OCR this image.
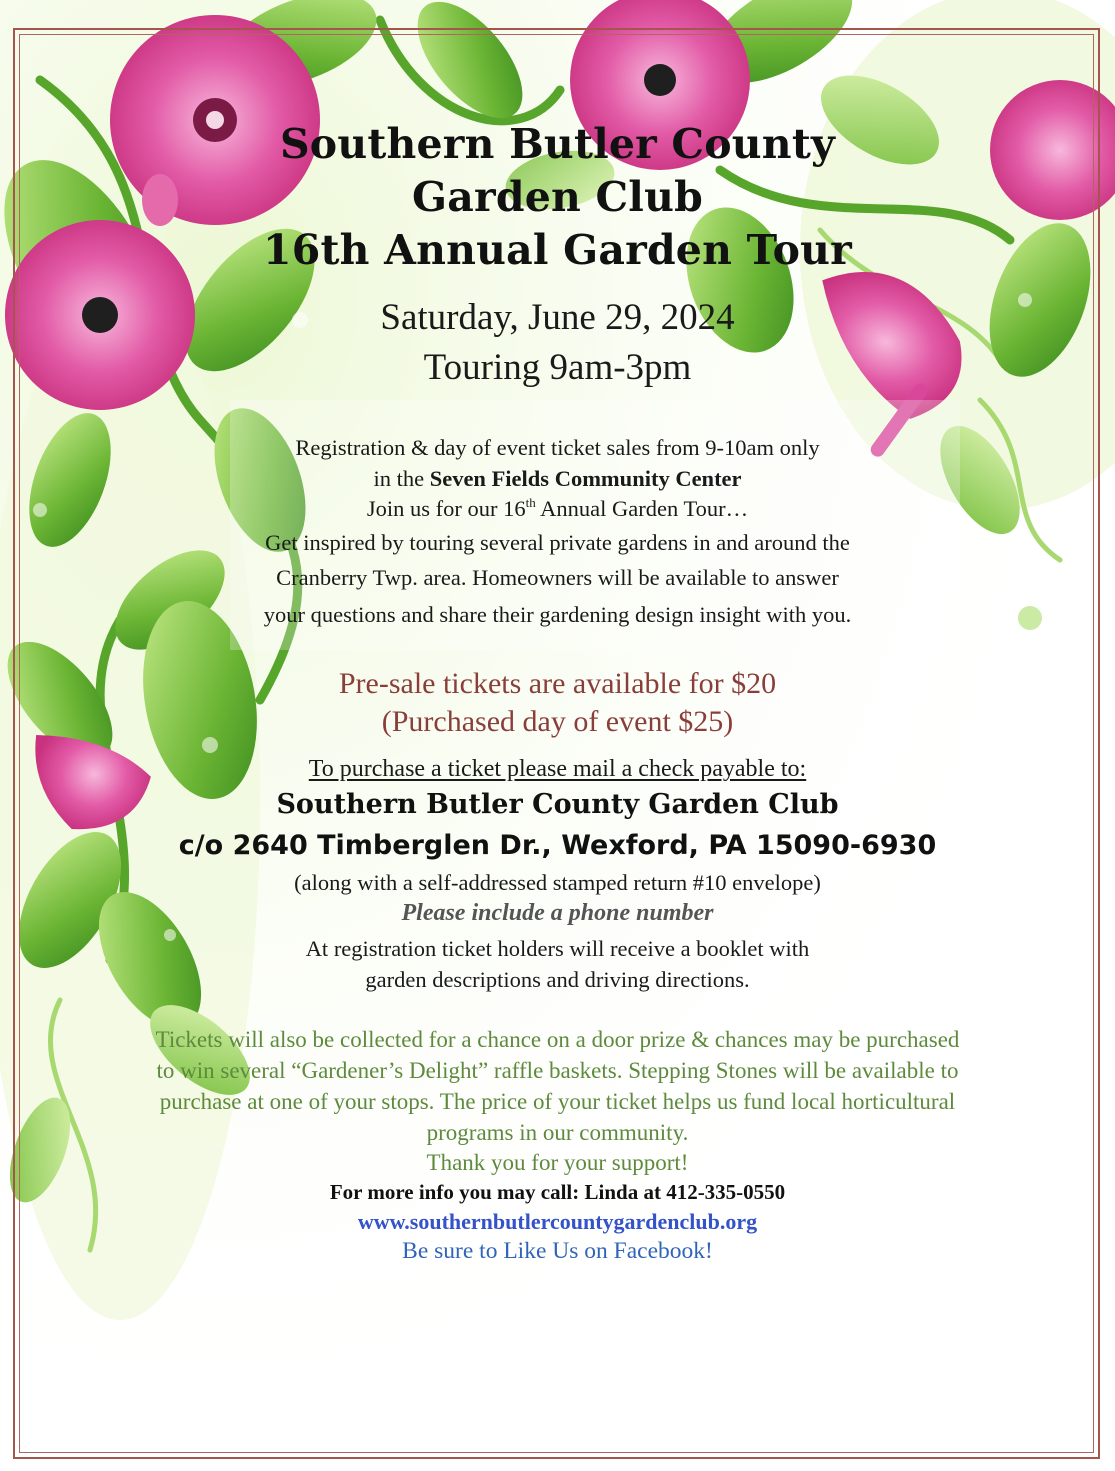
Southern Butler County

Garden Club

16th Annual Garden Tour

Saturday, June 29, 2024

Touring 9am-3pm

Registration & day of event ticket sales from 9-10am only

in the Seven Fields Community Center

Join us for our 16th Annual Garden Tour…

Get inspired by touring several private gardens in and around the

Cranberry Twp. area. Homeowners will be available to answer

your questions and share their gardening design insight with you.

Pre-sale tickets are available for $20

(Purchased day of event $25)

To purchase a ticket please mail a check payable to:

Southern Butler County Garden Club

c/o 2640 Timberglen Dr., Wexford, PA 15090-6930

(along with a self-addressed stamped return #10 envelope)

Please include a phone number

At registration ticket holders will receive a booklet with

garden descriptions and driving directions.

Tickets will also be collected for a chance on a door prize & chances may be purchased

to win several “Gardener’s Delight” raffle baskets. Stepping Stones will be available to

purchase at one of your stops. The price of your ticket helps us fund local horticultural

programs in our community.

Thank you for your support!

For more info you may call: Linda at 412-335-0550

www.southernbutlercountygardenclub.org

Be sure to Like Us on Facebook!
